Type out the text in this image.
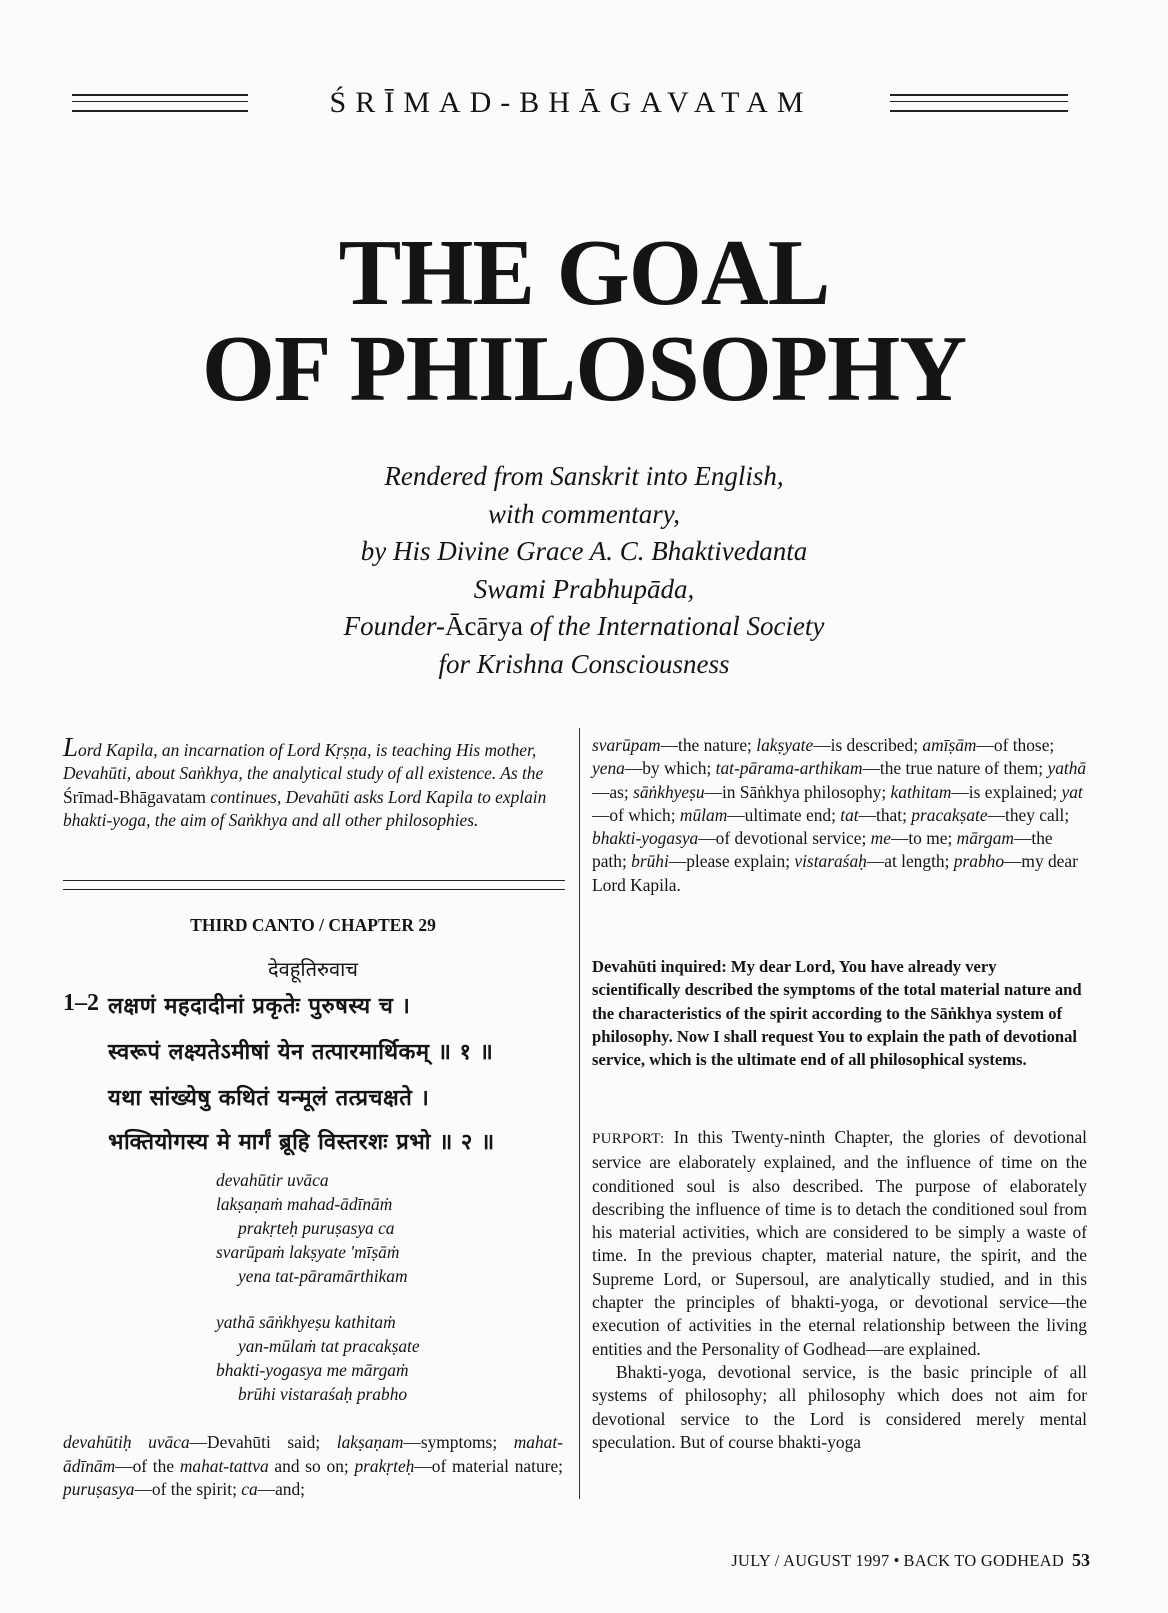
ŚRĪMAD-BHĀGAVATAM
THE GOAL
OF PHILOSOPHY
Rendered from Sanskrit into English,
with commentary,
by His Divine Grace A. C. Bhaktivedanta
Swami Prabhupāda,
Founder-Ācārya of the International Society
for Krishna Consciousness
Lord Kapila, an incarnation of Lord Kṛṣṇa, is teaching His mother, Devahūti, about Saṅkhya, the analytical study of all existence. As the Śrīmad-Bhāgavatam continues, Devahūti asks Lord Kapila to explain bhakti-yoga, the aim of Saṅkhya and all other philosophies.
THIRD CANTO / CHAPTER 29
देवहूतिरुवाच
1–2 लक्षणं महदादीनां प्रकृतेः पुरुषस्य च ।
स्वरूपं लक्ष्यतेऽमीषां येन तत्पारमार्थिकम् ॥ १ ॥
यथा सांख्येषु कथितं यन्मूलं तत्प्रचक्षते ।
भक्तियोगस्य मे मार्गं ब्रूहि विस्तरशः प्रभो ॥ २ ॥
devahūtir uvāca
lakṣaṇaṁ mahad-ādīnāṁ
prakṛteḥ puruṣasya ca
svarūpaṁ lakṣyate 'mīṣāṁ
yena tat-pāramārthikam
yathā sāṅkhyeṣu kathitaṁ
yan-mūlaṁ tat pracakṣate
bhakti-yogasya me mārgaṁ
brūhi vistaraśaḥ prabho
devahūtiḥ uvāca—Devahūti said; lakṣaṇam—symptoms; mahat-ādīnām—of the mahat-tattva and so on; prakṛteḥ—of material nature; puruṣasya—of the spirit; ca—and;
svarūpam—the nature; lakṣyate—is described; amīṣām—of those; yena—by which; tat-pārama-arthikam—the true nature of them; yathā—as; sāṅkhyeṣu—in Sāṅkhya philosophy; kathitam—is explained; yat—of which; mūlam—ultimate end; tat—that; pracakṣate—they call; bhakti-yogasya—of devotional service; me—to me; mārgam—the path; brūhi—please explain; vistaraśaḥ—at length; prabho—my dear Lord Kapila.
Devahūti inquired: My dear Lord, You have already very scientifically described the symptoms of the total material nature and the characteristics of the spirit according to the Sāṅkhya system of philosophy. Now I shall request You to explain the path of devotional service, which is the ultimate end of all philosophical systems.

PURPORT: In this Twenty-ninth Chapter, the glories of devotional service are elaborately explained, and the influence of time on the conditioned soul is also described. The purpose of elaborately describing the influence of time is to detach the conditioned soul from his material activities, which are considered to be simply a waste of time. In the previous chapter, material nature, the spirit, and the Supreme Lord, or Supersoul, are analytically studied, and in this chapter the principles of bhakti-yoga, or devotional service—the execution of activities in the eternal relationship between the living entities and the Personality of Godhead—are explained.

Bhakti-yoga, devotional service, is the basic principle of all systems of philosophy; all philosophy which does not aim for devotional service to the Lord is considered merely mental speculation. But of course bhakti-yoga

JULY / AUGUST 1997 • BACK TO GODHEAD 53
